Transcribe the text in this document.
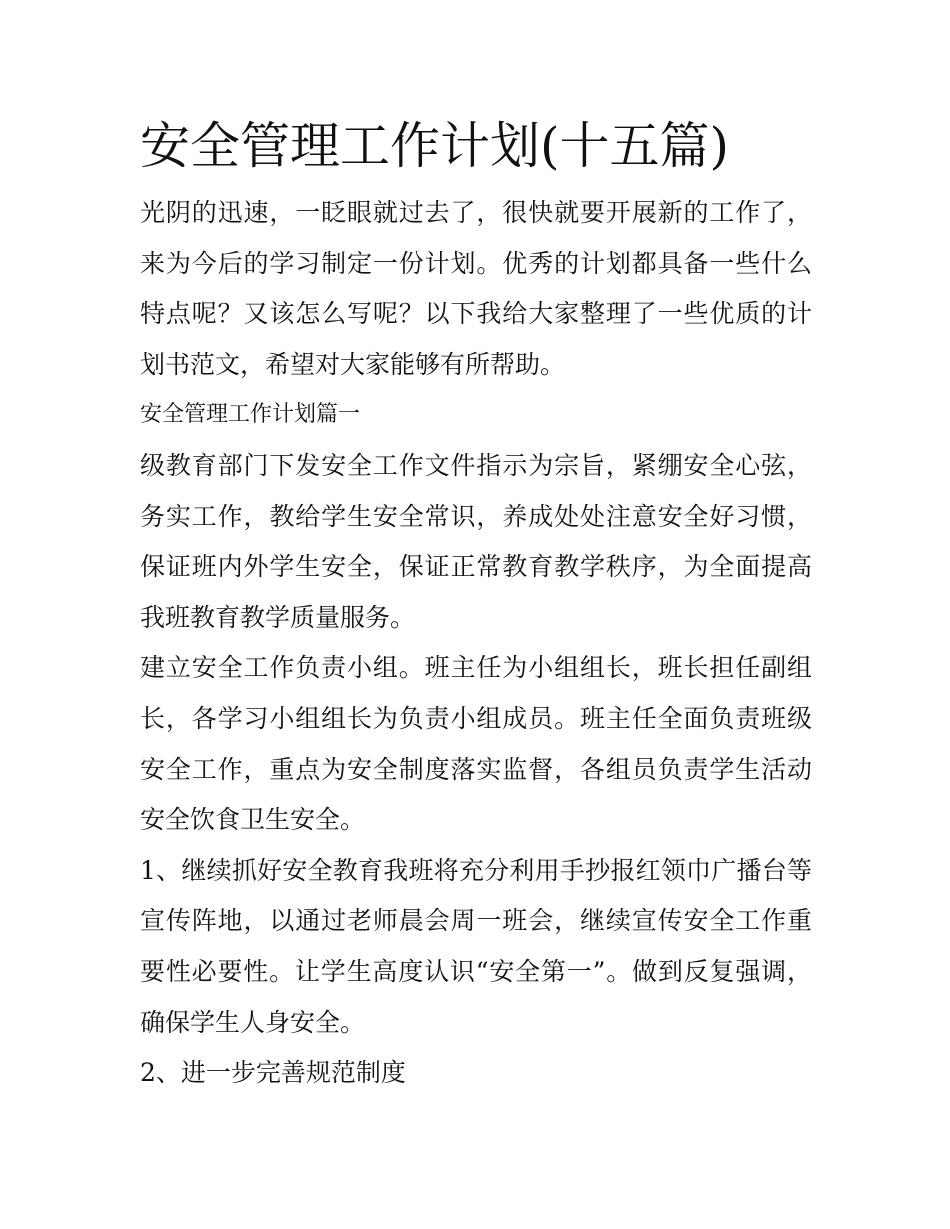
安全管理工作计划(十五篇)

光阴的迅速，一眨眼就过去了，很快就要开展新的工作了，来为今后的学习制定一份计划。优秀的计划都具备一些什么特点呢？又该怎么写呢？以下我给大家整理了一些优质的计划书范文，希望对大家能够有所帮助。

安全管理工作计划篇一

级教育部门下发安全工作文件指示为宗旨，紧绷安全心弦，务实工作，教给学生安全常识，养成处处注意安全好习惯，保证班内外学生安全，保证正常教育教学秩序，为全面提高我班教育教学质量服务。

建立安全工作负责小组。班主任为小组组长，班长担任副组长，各学习小组组长为负责小组成员。班主任全面负责班级安全工作，重点为安全制度落实监督，各组员负责学生活动安全饮食卫生安全。

1、继续抓好安全教育我班将充分利用手抄报红领巾广播台等宣传阵地，以通过老师晨会周一班会，继续宣传安全工作重要性必要性。让学生高度认识“安全第一”。做到反复强调，确保学生人身安全。

2、进一步完善规范制度
